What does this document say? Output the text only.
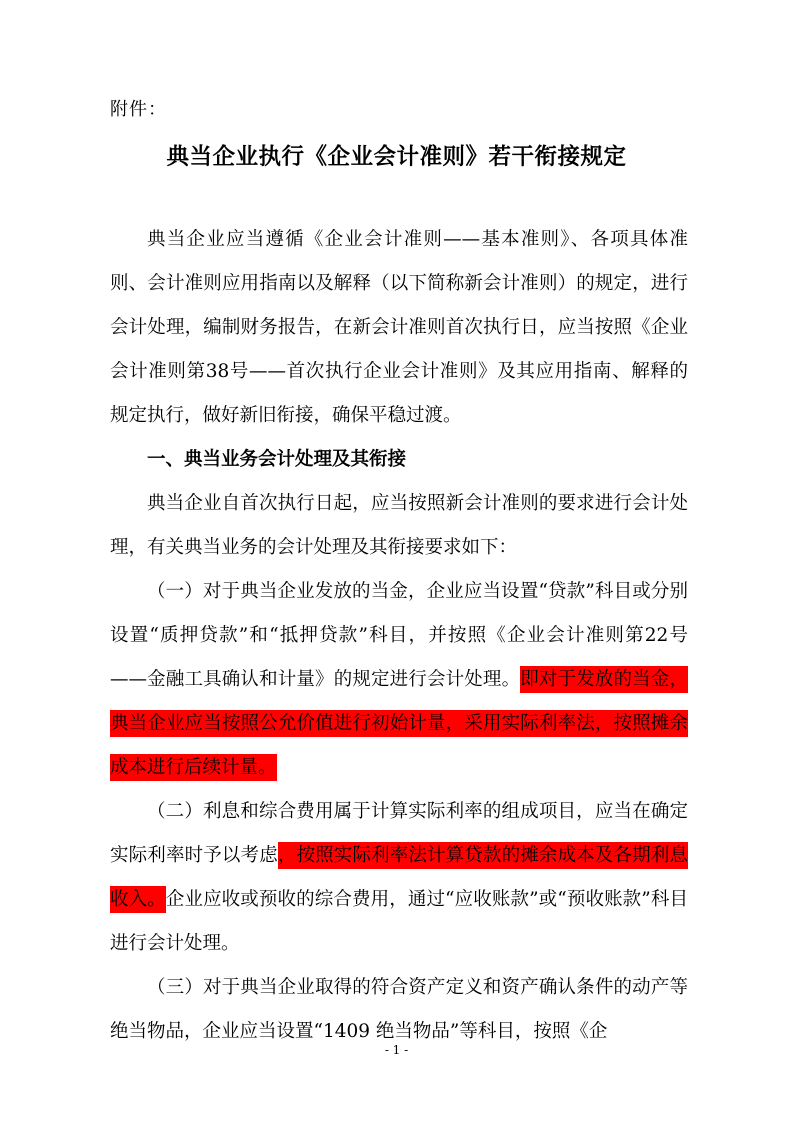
附件：
典当企业执行《企业会计准则》若干衔接规定

典当企业应当遵循《企业会计准则——基本准则》、各项具体准则、会计准则应用指南以及解释（以下简称新会计准则）的规定，进行会计处理，编制财务报告，在新会计准则首次执行日，应当按照《企业会计准则第38号——首次执行企业会计准则》及其应用指南、解释的规定执行，做好新旧衔接，确保平稳过渡。

一、典当业务会计处理及其衔接

典当企业自首次执行日起，应当按照新会计准则的要求进行会计处理，有关典当业务的会计处理及其衔接要求如下：

（一）对于典当企业发放的当金，企业应当设置“贷款”科目或分别设置“质押贷款”和“抵押贷款”科目，并按照《企业会计准则第22号——金融工具确认和计量》的规定进行会计处理。即对于发放的当金，典当企业应当按照公允价值进行初始计量，采用实际利率法，按照摊余成本进行后续计量。

（二）利息和综合费用属于计算实际利率的组成项目，应当在确定实际利率时予以考虑，按照实际利率法计算贷款的摊余成本及各期利息收入。企业应收或预收的综合费用，通过“应收账款”或“预收账款”科目进行会计处理。

（三）对于典当企业取得的符合资产定义和资产确认条件的动产等绝当物品，企业应当设置“1409 绝当物品”等科目，按照《企

- 1 -
